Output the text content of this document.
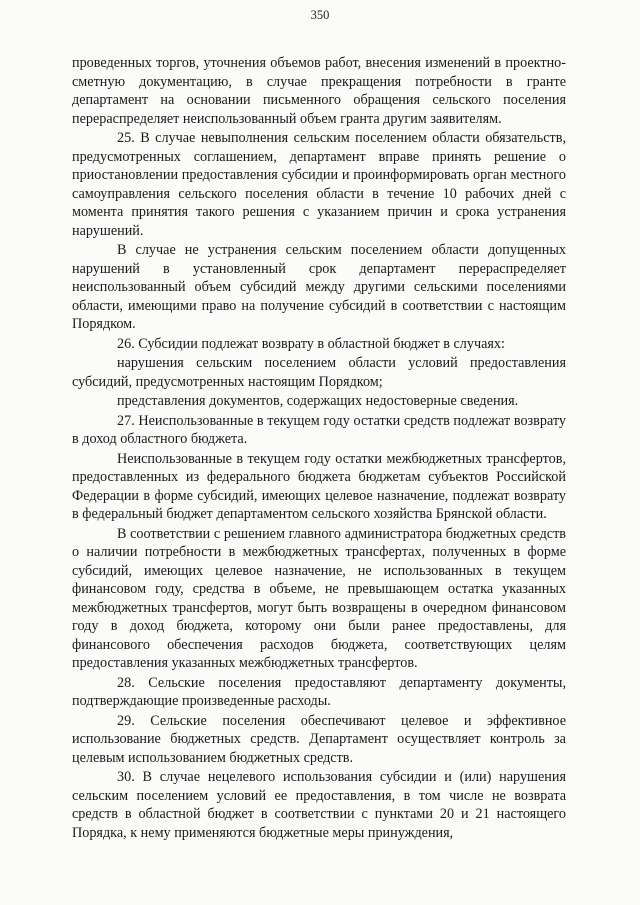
350

проведенных торгов, уточнения объемов работ, внесения изменений в проектно-сметную документацию, в случае прекращения потребности в гранте департамент на основании письменного обращения сельского поселения перераспределяет неиспользованный объем гранта другим заявителям.

25. В случае невыполнения сельским поселением области обязательств, предусмотренных соглашением, департамент вправе принять решение о приостановлении предоставления субсидии и проинформировать орган местного самоуправления сельского поселения области в течение 10 рабочих дней с момента принятия такого решения с указанием причин и срока устранения нарушений.

В случае не устранения сельским поселением области допущенных нарушений в установленный срок департамент перераспределяет неиспользованный объем субсидий между другими сельскими поселениями области, имеющими право на получение субсидий в соответствии с настоящим Порядком.

26. Субсидии подлежат возврату в областной бюджет в случаях:

нарушения сельским поселением области условий предоставления субсидий, предусмотренных настоящим Порядком;

представления документов, содержащих недостоверные сведения.

27. Неиспользованные в текущем году остатки средств подлежат возврату в доход областного бюджета.

Неиспользованные в текущем году остатки межбюджетных трансфертов, предоставленных из федерального бюджета бюджетам субъектов Российской Федерации в форме субсидий, имеющих целевое назначение, подлежат возврату в федеральный бюджет департаментом сельского хозяйства Брянской области.

В соответствии с решением главного администратора бюджетных средств о наличии потребности в межбюджетных трансфертах, полученных в форме субсидий, имеющих целевое назначение, не использованных в текущем финансовом году, средства в объеме, не превышающем остатка указанных межбюджетных трансфертов, могут быть возвращены в очередном финансовом году в доход бюджета, которому они были ранее предоставлены, для финансового обеспечения расходов бюджета, соответствующих целям предоставления указанных межбюджетных трансфертов.

28. Сельские поселения предоставляют департаменту документы, подтверждающие произведенные расходы.

29. Сельские поселения обеспечивают целевое и эффективное использование бюджетных средств. Департамент осуществляет контроль за целевым использованием бюджетных средств.

30. В случае нецелевого использования субсидии и (или) нарушения сельским поселением условий ее предоставления, в том числе не возврата средств в областной бюджет в соответствии с пунктами 20 и 21 настоящего Порядка, к нему применяются бюджетные меры принуждения,
